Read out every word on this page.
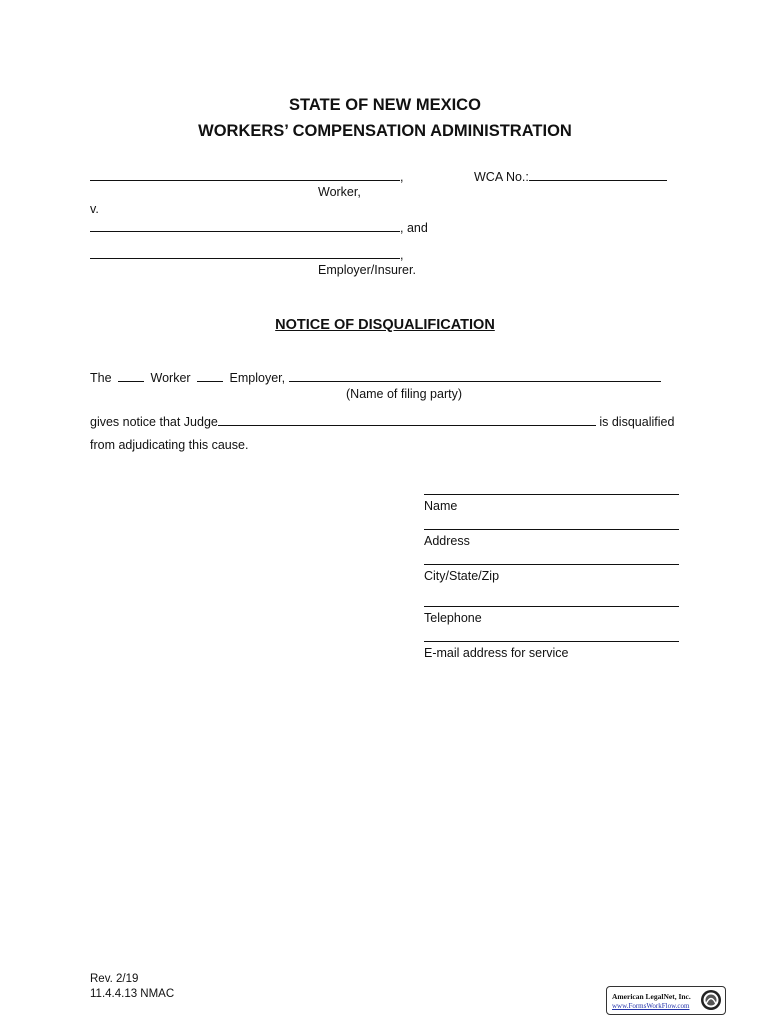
STATE OF NEW MEXICO
WORKERS’ COMPENSATION ADMINISTRATION
,	WCA No.:
Worker,
v.
, and
,
Employer/Insurer.
NOTICE OF DISQUALIFICATION
The	Worker	Employer,
(Name of filing party)
gives notice that Judge	is disqualified
from adjudicating this cause.
Name
Address
City/State/Zip
Telephone
E-mail address for service
Rev. 2/19
11.4.4.13 NMAC	American LegalNet, Inc.
www.FormsWorkFlow.com
